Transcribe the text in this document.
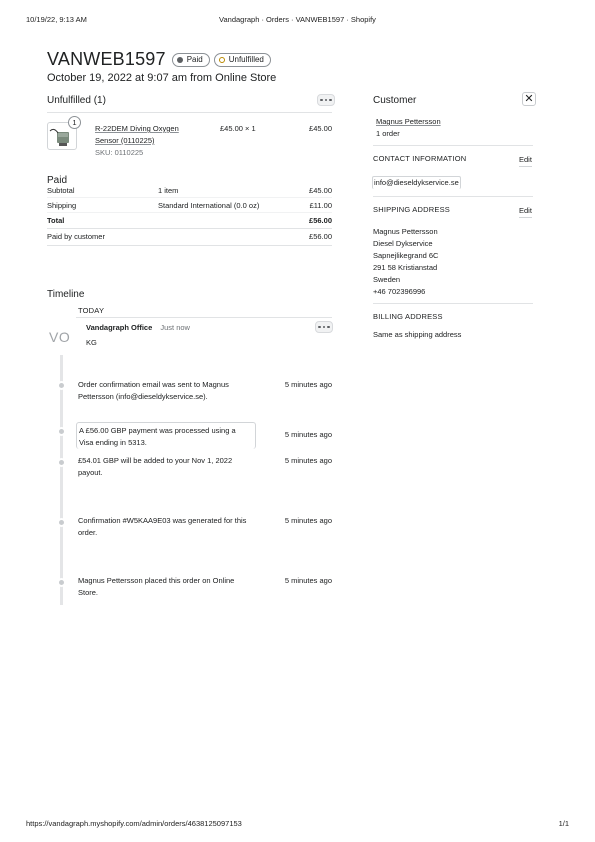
10/19/22, 9:13 AM	Vandagraph · Orders · VANWEB1597 · Shopify
VANWEB1597	Paid	Unfulfilled
October 19, 2022 at 9:07 am from Online Store
Unfulfilled (1)
1
R-22DEM Diving Oxygen
Sensor (0110225)
SKU: 0110225
£45.00 × 1	£45.00
Paid
Subtotal	1 item	£45.00
Shipping	Standard International (0.0 oz)	£11.00
Total	£56.00
Paid by customer	£56.00
Timeline
TODAY
VO
Vandagraph Office Just now
KG
Order confirmation email was sent to Magnus
Pettersson (info@dieseldykservice.se).
5 minutes ago
A £56.00 GBP payment was processed using a
Visa ending in 5313.
5 minutes ago
£54.01 GBP will be added to your Nov 1, 2022
payout.
5 minutes ago
Confirmation #W5KAA9E03 was generated for this
order.
5 minutes ago
Magnus Pettersson placed this order on Online
Store.
5 minutes ago
Customer	✕
Magnus Pettersson
1 order
CONTACT INFORMATION	Edit
info@dieseldykservice.se
SHIPPING ADDRESS	Edit
Magnus Pettersson
Diesel Dykservice
Sapnejlikegrand 6C
291 58 Kristianstad
Sweden
+46 702396996
BILLING ADDRESS
Same as shipping address
https://vandagraph.myshopify.com/admin/orders/4638125097153	1/1
